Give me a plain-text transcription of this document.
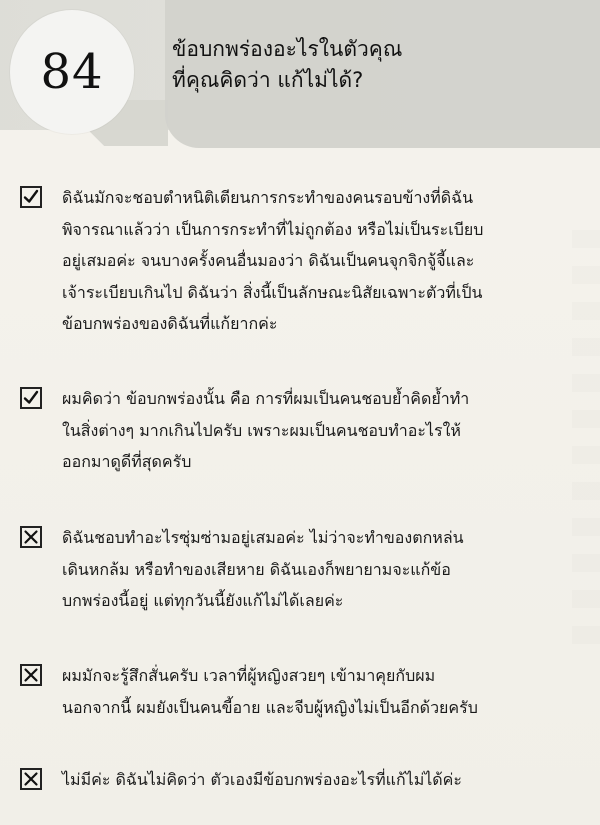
84	ข้อบกพร่องอะไรในตัวคุณ
ที่คุณคิดว่า แก้ไม่ได้?
ดิฉันมักจะชอบตำหนิติเตียนการกระทำของคนรอบข้างที่ดิฉัน
พิจารณาแล้วว่า เป็นการกระทำที่ไม่ถูกต้อง หรือไม่เป็นระเบียบ
อยู่เสมอค่ะ จนบางครั้งคนอื่นมองว่า ดิฉันเป็นคนจุกจิกจู้จี้และ
เจ้าระเบียบเกินไป ดิฉันว่า สิ่งนี้เป็นลักษณะนิสัยเฉพาะตัวที่เป็น
ข้อบกพร่องของดิฉันที่แก้ยากค่ะ
ผมคิดว่า ข้อบกพร่องนั้น คือ การที่ผมเป็นคนชอบย้ำคิดย้ำทำ
ในสิ่งต่างๆ มากเกินไปครับ เพราะผมเป็นคนชอบทำอะไรให้
ออกมาดูดีที่สุดครับ
ดิฉันชอบทำอะไรซุ่มซ่ามอยู่เสมอค่ะ ไม่ว่าจะทำของตกหล่น
เดินหกล้ม หรือทำของเสียหาย ดิฉันเองก็พยายามจะแก้ข้อ
บกพร่องนี้อยู่ แต่ทุกวันนี้ยังแก้ไม่ได้เลยค่ะ
ผมมักจะรู้สึกสั่นครับ เวลาที่ผู้หญิงสวยๆ เข้ามาคุยกับผม
นอกจากนี้ ผมยังเป็นคนขี้อาย และจีบผู้หญิงไม่เป็นอีกด้วยครับ
ไม่มีค่ะ ดิฉันไม่คิดว่า ตัวเองมีข้อบกพร่องอะไรที่แก้ไม่ได้ค่ะ
